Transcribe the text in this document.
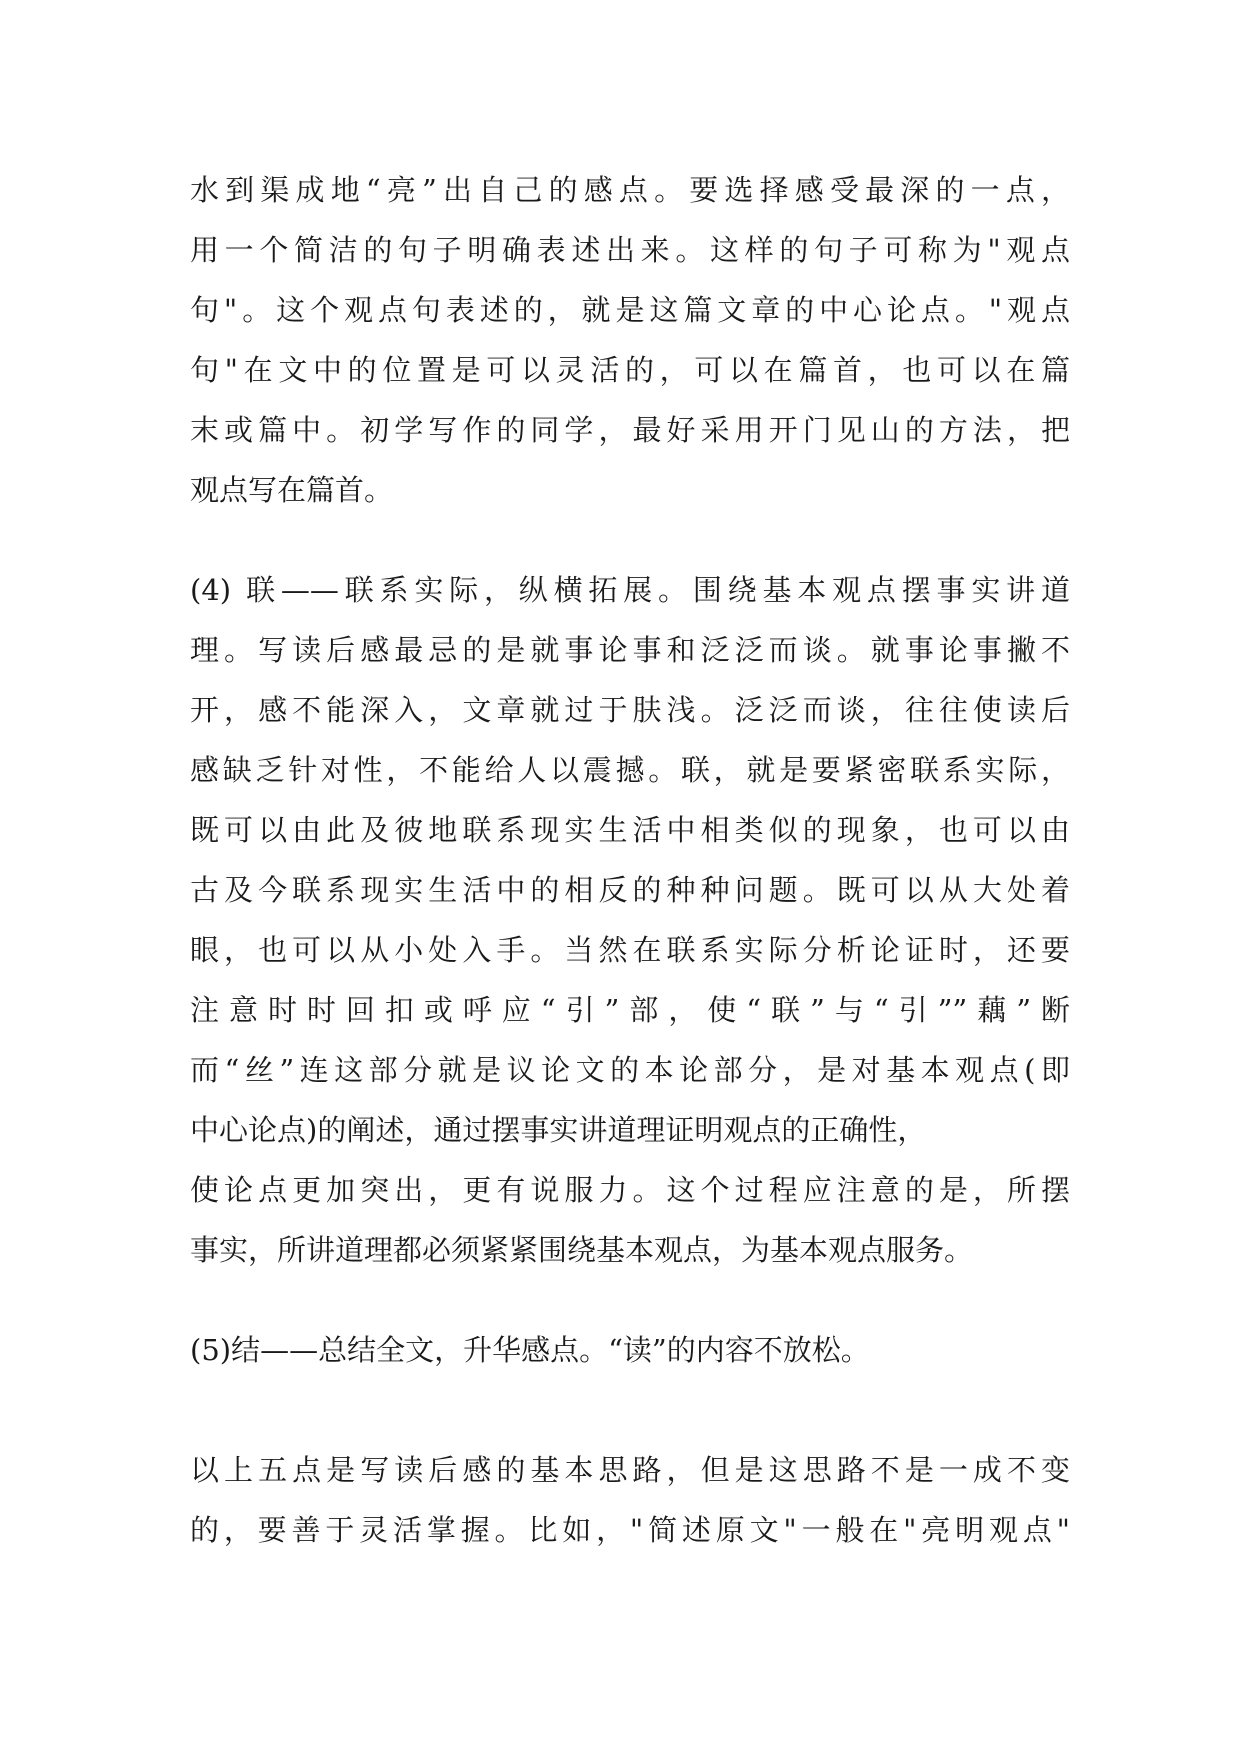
水到渠成地“亮”出自己的感点。要选择感受最深的一点，
用一个简洁的句子明确表述出来。这样的句子可称为"观点
句"。这个观点句表述的，就是这篇文章的中心论点。"观点
句"在文中的位置是可以灵活的，可以在篇首，也可以在篇
末或篇中。初学写作的同学，最好采用开门见山的方法，把
观点写在篇首。
(4) 联——联系实际，纵横拓展。围绕基本观点摆事实讲道
理。写读后感最忌的是就事论事和泛泛而谈。就事论事撇不
开，感不能深入，文章就过于肤浅。泛泛而谈，往往使读后
感缺乏针对性，不能给人以震撼。联，就是要紧密联系实际，
既可以由此及彼地联系现实生活中相类似的现象，也可以由
古及今联系现实生活中的相反的种种问题。既可以从大处着
眼，也可以从小处入手。当然在联系实际分析论证时，还要
注意时时回扣或呼应“引”部，使“联”与“引””藕”断
而“丝”连这部分就是议论文的本论部分，是对基本观点(即
中心论点)的阐述，通过摆事实讲道理证明观点的正确性，
使论点更加突出，更有说服力。这个过程应注意的是，所摆
事实，所讲道理都必须紧紧围绕基本观点，为基本观点服务。
(5)结——总结全文，升华感点。“读”的内容不放松。
以上五点是写读后感的基本思路，但是这思路不是一成不变
的，要善于灵活掌握。比如，"简述原文"一般在"亮明观点"
